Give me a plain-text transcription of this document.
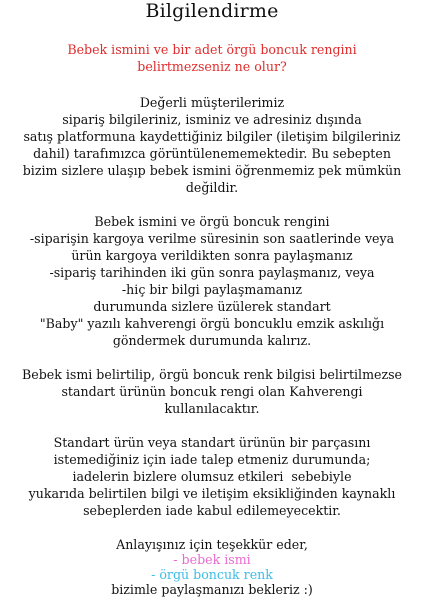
Bilgilendirme
Bebek ismini ve bir adet örgü boncuk rengini
belirtmezseniz ne olur?
Değerli müşterilerimiz
sipariş bilgileriniz, isminiz ve adresiniz dışında
satış platformuna kaydettiğiniz bilgiler (iletişim bilgileriniz
dahil) tarafımızca görüntülenememektedir. Bu sebepten
bizim sizlere ulaşıp bebek ismini öğrenmemiz pek mümkün
değildir.
Bebek ismini ve örgü boncuk rengini
-siparişin kargoya verilme süresinin son saatlerinde veya
ürün kargoya verildikten sonra paylaşmanız
-sipariş tarihinden iki gün sonra paylaşmanız, veya
-hiç bir bilgi paylaşmamanız
durumunda sizlere üzülerek standart
"Baby" yazılı kahverengi örgü boncuklu emzik askılığı
göndermek durumunda kalırız.
Bebek ismi belirtilip, örgü boncuk renk bilgisi belirtilmezse
standart ürünün boncuk rengi olan Kahverengi
kullanılacaktır.
Standart ürün veya standart ürünün bir parçasını
istemediğiniz için iade talep etmeniz durumunda;
iadelerin bizlere olumsuz etkileri  sebebiyle
yukarıda belirtilen bilgi ve iletişim eksikliğinden kaynaklı
sebeplerden iade kabul edilemeyecektir.
Anlayışınız için teşekkür eder,
- bebek ismi
- örgü boncuk renk
bizimle paylaşmanızı bekleriz :)
